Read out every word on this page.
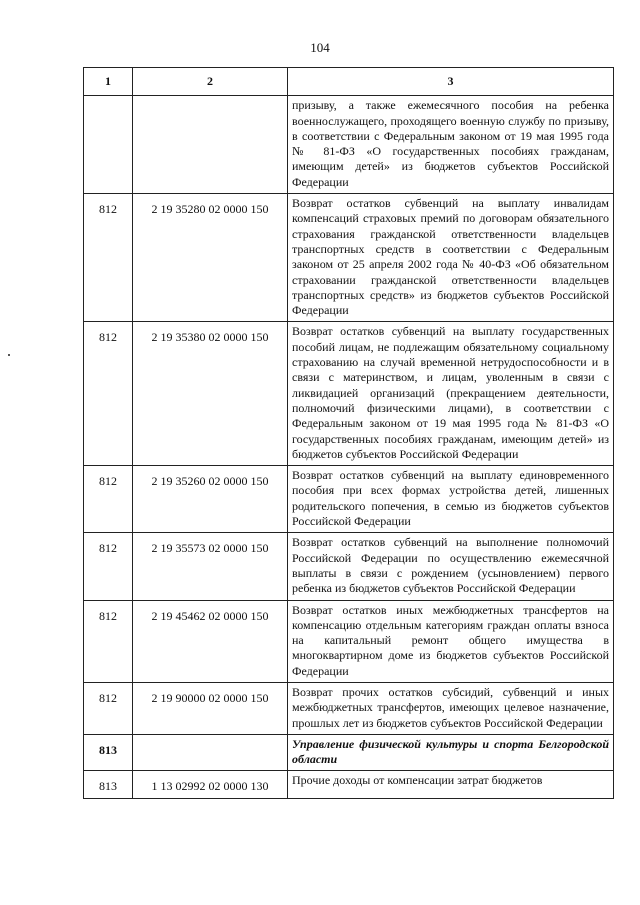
104
1	2	3
		призыву, а также ежемесячного пособия на ребенка военнослужащего, проходящего военную службу по призыву, в соответствии с Федеральным законом от 19 мая 1995 года № 81-ФЗ «О государственных пособиях гражданам, имеющим детей» из бюджетов субъектов Российской Федерации
812	2 19 35280 02 0000 150	Возврат остатков субвенций на выплату инвалидам компенсаций страховых премий по договорам обязательного страхования гражданской ответственности владельцев транспортных средств в соответствии с Федеральным законом от 25 апреля 2002 года № 40-ФЗ «Об обязательном страховании гражданской ответственности владельцев транспортных средств» из бюджетов субъектов Российской Федерации
812	2 19 35380 02 0000 150	Возврат остатков субвенций на выплату государственных пособий лицам, не подлежащим обязательному социальному страхованию на случай временной нетрудоспособности и в связи с материнством, и лицам, уволенным в связи с ликвидацией организаций (прекращением деятельности, полномочий физическими лицами), в соответствии с Федеральным законом от 19 мая 1995 года № 81-ФЗ «О государственных пособиях гражданам, имеющим детей» из бюджетов субъектов Российской Федерации
812	2 19 35260 02 0000 150	Возврат остатков субвенций на выплату единовременного пособия при всех формах устройства детей, лишенных родительского попечения, в семью из бюджетов субъектов Российской Федерации
812	2 19 35573 02 0000 150	Возврат остатков субвенций на выполнение полномочий Российской Федерации по осуществлению ежемесячной выплаты в связи с рождением (усыновлением) первого ребенка из бюджетов субъектов Российской Федерации
812	2 19 45462 02 0000 150	Возврат остатков иных межбюджетных трансфертов на компенсацию отдельным категориям граждан оплаты взноса на капитальный ремонт общего имущества в многоквартирном доме из бюджетов субъектов Российской Федерации
812	2 19 90000 02 0000 150	Возврат прочих остатков субсидий, субвенций и иных межбюджетных трансфертов, имеющих целевое назначение, прошлых лет из бюджетов субъектов Российской Федерации
813		Управление физической культуры и спорта Белгородской области
813	1 13 02992 02 0000 130	Прочие доходы от компенсации затрат бюджетов
